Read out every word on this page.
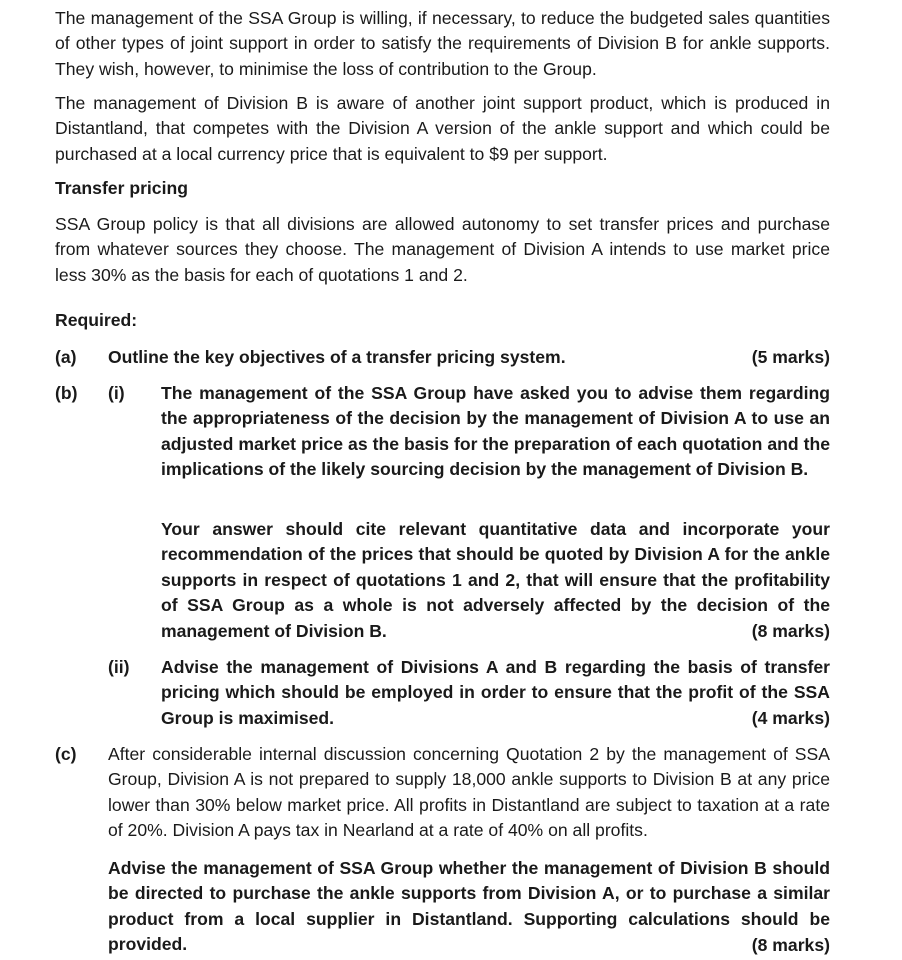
The management of the SSA Group is willing, if necessary, to reduce the budgeted sales quantities of other types of joint support in order to satisfy the requirements of Division B for ankle supports. They wish, however, to minimise the loss of contribution to the Group.
The management of Division B is aware of another joint support product, which is produced in Distantland, that competes with the Division A version of the ankle support and which could be purchased at a local currency price that is equivalent to $9 per support.
Transfer pricing
SSA Group policy is that all divisions are allowed autonomy to set transfer prices and purchase from whatever sources they choose. The management of Division A intends to use market price less 30% as the basis for each of quotations 1 and 2.
Required:
(a) Outline the key objectives of a transfer pricing system.	(5 marks)
(b) (i) The management of the SSA Group have asked you to advise them regarding the appropriateness of the decision by the management of Division A to use an adjusted market price as the basis for the preparation of each quotation and the implications of the likely sourcing decision by the management of Division B.
Your answer should cite relevant quantitative data and incorporate your recommendation of the prices that should be quoted by Division A for the ankle supports in respect of quotations 1 and 2, that will ensure that the profitability of SSA Group as a whole is not adversely affected by the decision of the management of Division B.	(8 marks)
(ii) Advise the management of Divisions A and B regarding the basis of transfer pricing which should be employed in order to ensure that the profit of the SSA Group is maximised.	(4 marks)
(c) After considerable internal discussion concerning Quotation 2 by the management of SSA Group, Division A is not prepared to supply 18,000 ankle supports to Division B at any price lower than 30% below market price. All profits in Distantland are subject to taxation at a rate of 20%. Division A pays tax in Nearland at a rate of 40% on all profits.
Advise the management of SSA Group whether the management of Division B should be directed to purchase the ankle supports from Division A, or to purchase a similar product from a local supplier in Distantland. Supporting calculations should be provided.	(8 marks)
